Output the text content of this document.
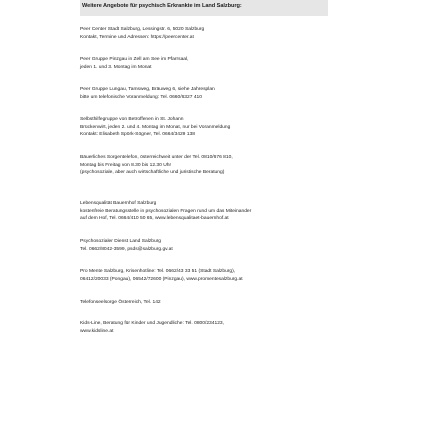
Weitere Angebote für psychisch Erkrankte im Land Salzburg:
Peer Center Stadt Salzburg, Lessingstr. 6, 5020 Salzburg
Kontakt, Termine und Adressen: https://peercenter.at
Peer Gruppe Pinzgau in Zell am See im Pfarrsaal,
jeden 1. und 3. Montag im Monat
Peer Gruppe Lungau, Tamsweg, Bräuweg 6, siehe Jahresplan
bitte um telefonische Voranmeldung: Tel. 0660/6327 410
Selbsthilfegruppe von Betroffenen in St. Johann
Brückenwirt, jeden 2. und 4. Montag im Monat, nur bei Voranmeldung
Kontakt: Elisabeth Spörk-Sögner, Tel. 0664/3429 138
Bäuerliches Sorgentelefon, österreichweit unter der Tel. 0810/676 810,
Montag bis Freitag von 8.30 bis 12.30 Uhr
(psychosoziale, aber auch wirtschaftliche und juristische Beratung)
Lebensqualität Bauernhof Salzburg
kostenfreie Beratungsstelle in psychosozialen Fragen rund um das Miteinander
auf dem Hof, Tel. 0664/410 50 65, www.lebensqualitaet-bauernhof.at
Psychosozialer Dienst Land Salzburg
Tel. 0662/8042-3599, psds@salzburg.gv.at
Pro Mente Salzburg, Krisenhotline: Tel. 0662/43 33 51 (Stadt Salzburg),
06412/20033 (Pongau), 06542/72600 (Pinzgau), www.promentesalzburg.at
Telefonseelsorge Österreich, Tel. 142
Kids-Line, Beratung für Kinder und Jugendliche: Tel. 0800/234123,
www.kidsline.at
